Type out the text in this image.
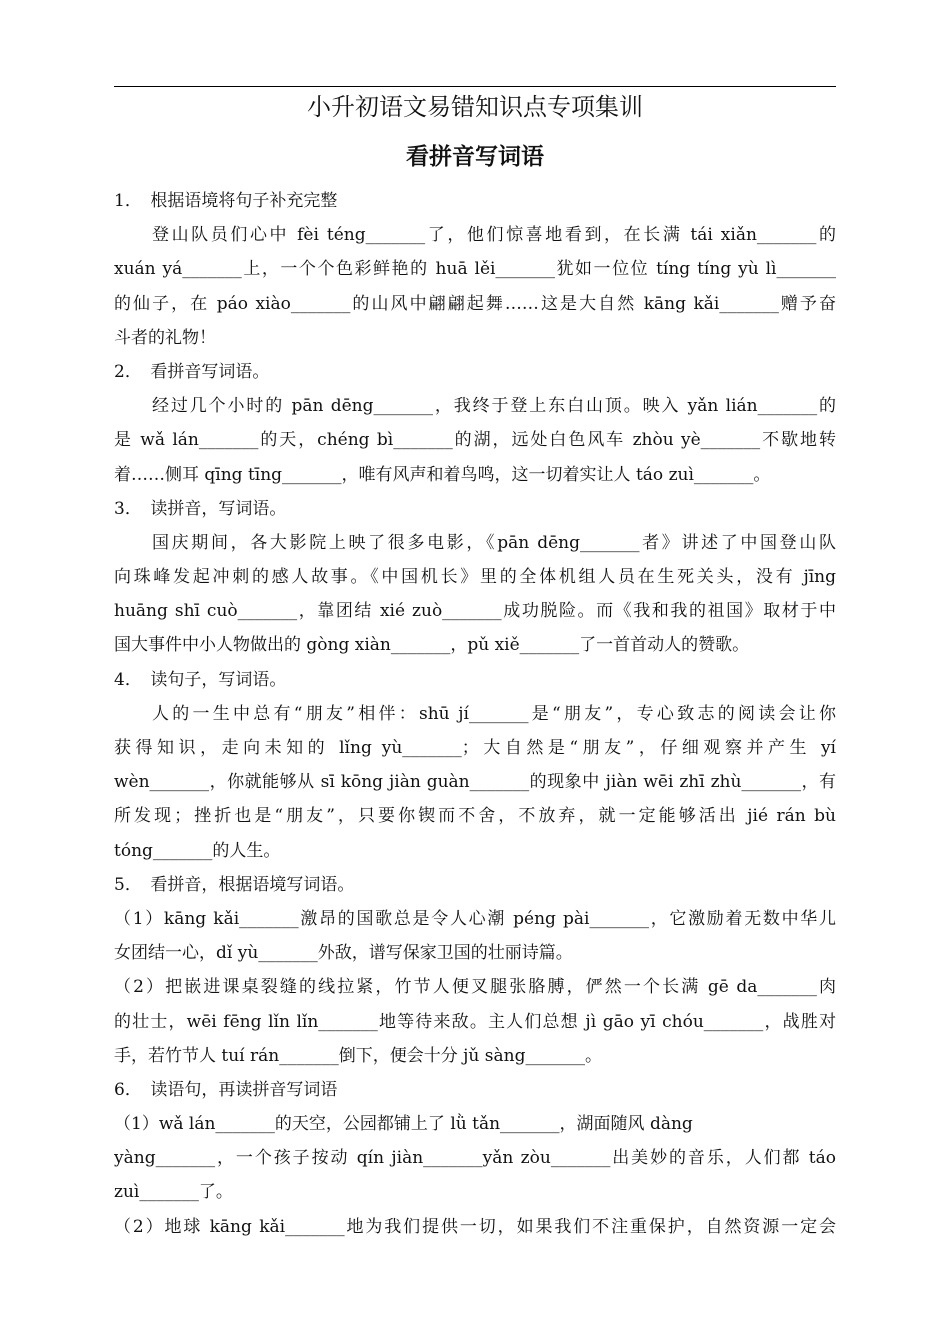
小升初语文易错知识点专项集训
看拼音写词语
1．　根据语境将句子补充完整
登山队员们心中 fèi téng_______了，他们惊喜地看到，在长满 tái xiǎn_______的
xuán yá_______上，一个个色彩鲜艳的 huā lěi_______犹如一位位 tíng tíng yù lì_______
的仙子，在 páo xiào_______的山风中翩翩起舞……这是大自然 kāng kǎi_______赠予奋
斗者的礼物！
2．　看拼音写词语。
经过几个小时的 pān dēng_______，我终于登上东白山顶。映入 yǎn lián_______的
是 wǎ lán_______的天，chéng bì_______的湖，远处白色风车 zhòu yè_______不歇地转
着……侧耳 qīng tīng_______，唯有风声和着鸟鸣，这一切着实让人 táo zuì_______。
3．　读拼音，写词语。
国庆期间，各大影院上映了很多电影，《pān dēng_______者》讲述了中国登山队
向珠峰发起冲刺的感人故事。《中国机长》里的全体机组人员在生死关头，没有 jīng
huāng shī cuò_______，靠团结 xié zuò_______成功脱险。而《我和我的祖国》取材于中
国大事件中小人物做出的 gòng xiàn_______，pǔ xiě_______了一首首动人的赞歌。
4．　读句子，写词语。
人的一生中总有“朋友”相伴：shū jí_______是“朋友”，专心致志的阅读会让你
获得知识，走向未知的 lǐng yù_______；大自然是“朋友”，仔细观察并产生 yí
wèn_______，你就能够从 sī kōng jiàn guàn_______的现象中 jiàn wēi zhī zhù_______，有
所发现；挫折也是“朋友”，只要你锲而不舍，不放弃，就一定能够活出 jié rán bù
tóng_______的人生。
5．　看拼音，根据语境写词语。
（1）kāng kǎi_______激昂的国歌总是令人心潮 péng pài_______，它激励着无数中华儿
女团结一心，dǐ yù_______外敌，谱写保家卫国的壮丽诗篇。
（2）把嵌进课桌裂缝的线拉紧，竹节人便叉腿张胳膊，俨然一个长满 gē da_______肉
的壮士，wēi fēng lǐn lǐn_______地等待来敌。主人们总想 jì gāo yī chóu_______，战胜对
手，若竹节人 tuí rán_______倒下，便会十分 jǔ sàng_______。
6．　读语句，再读拼音写词语
（1）wǎ lán_______的天空，公园都铺上了 lǜ tǎn_______，湖面随风 dàng
yàng_______，一个孩子按动 qín jiàn_______yǎn zòu_______出美妙的音乐，人们都 táo
zuì_______了。
（2）地球 kāng kǎi_______地为我们提供一切，如果我们不注重保护，自然资源一定会
